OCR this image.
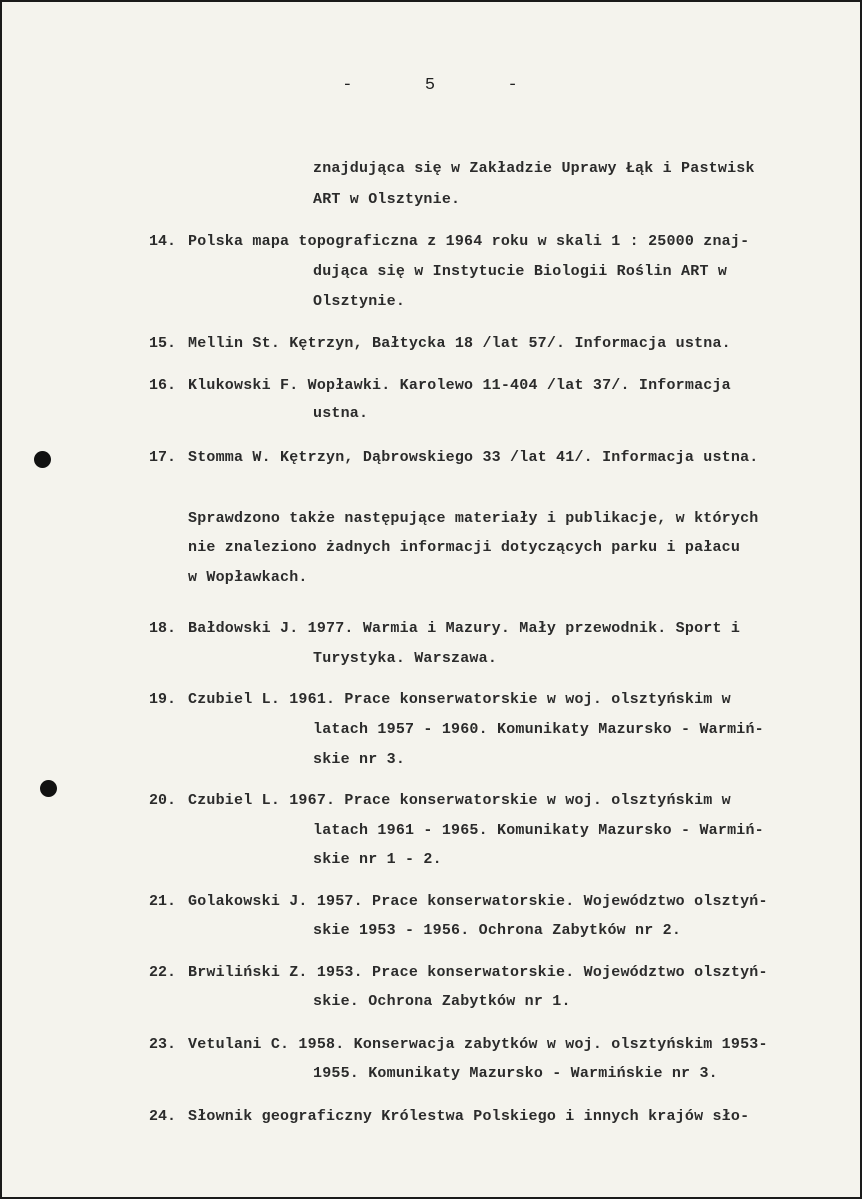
-	5	-
znajdująca się w Zakładzie Uprawy Łąk i Pastwisk
ART w Olsztynie.
14. Polska mapa topograficzna z 1964 roku w skali 1 : 25000 znaj-
dująca się w Instytucie Biologii Roślin ART w
Olsztynie.
15. Mellin St. Kętrzyn, Bałtycka 18 /lat 57/. Informacja ustna.
16. Klukowski F. Wopławki. Karolewo 11-404 /lat 37/. Informacja
ustna.
17. Stomma W. Kętrzyn, Dąbrowskiego 33 /lat 41/. Informacja ustna.
Sprawdzono także następujące materiały i publikacje, w których
nie znaleziono żadnych informacji dotyczących parku i pałacu
w Wopławkach.
18. Bałdowski J. 1977. Warmia i Mazury. Mały przewodnik. Sport i
Turystyka. Warszawa.
19. Czubiel L. 1961. Prace konserwatorskie w woj. olsztyńskim w
latach 1957 - 1960. Komunikaty Mazursko - Warmiń-
skie nr 3.
20. Czubiel L. 1967. Prace konserwatorskie w woj. olsztyńskim w
latach 1961 - 1965. Komunikaty Mazursko - Warmiń-
skie nr 1 - 2.
21. Golakowski J. 1957. Prace konserwatorskie. Województwo olsztyń-
skie 1953 - 1956. Ochrona Zabytków nr 2.
22. Brwiliński Z. 1953. Prace konserwatorskie. Województwo olsztyń-
skie. Ochrona Zabytków nr 1.
23. Vetulani C. 1958. Konserwacja zabytków w woj. olsztyńskim 1953-
1955. Komunikaty Mazursko - Warmińskie nr 3.
24. Słownik geograficzny Królestwa Polskiego i innych krajów sło-
